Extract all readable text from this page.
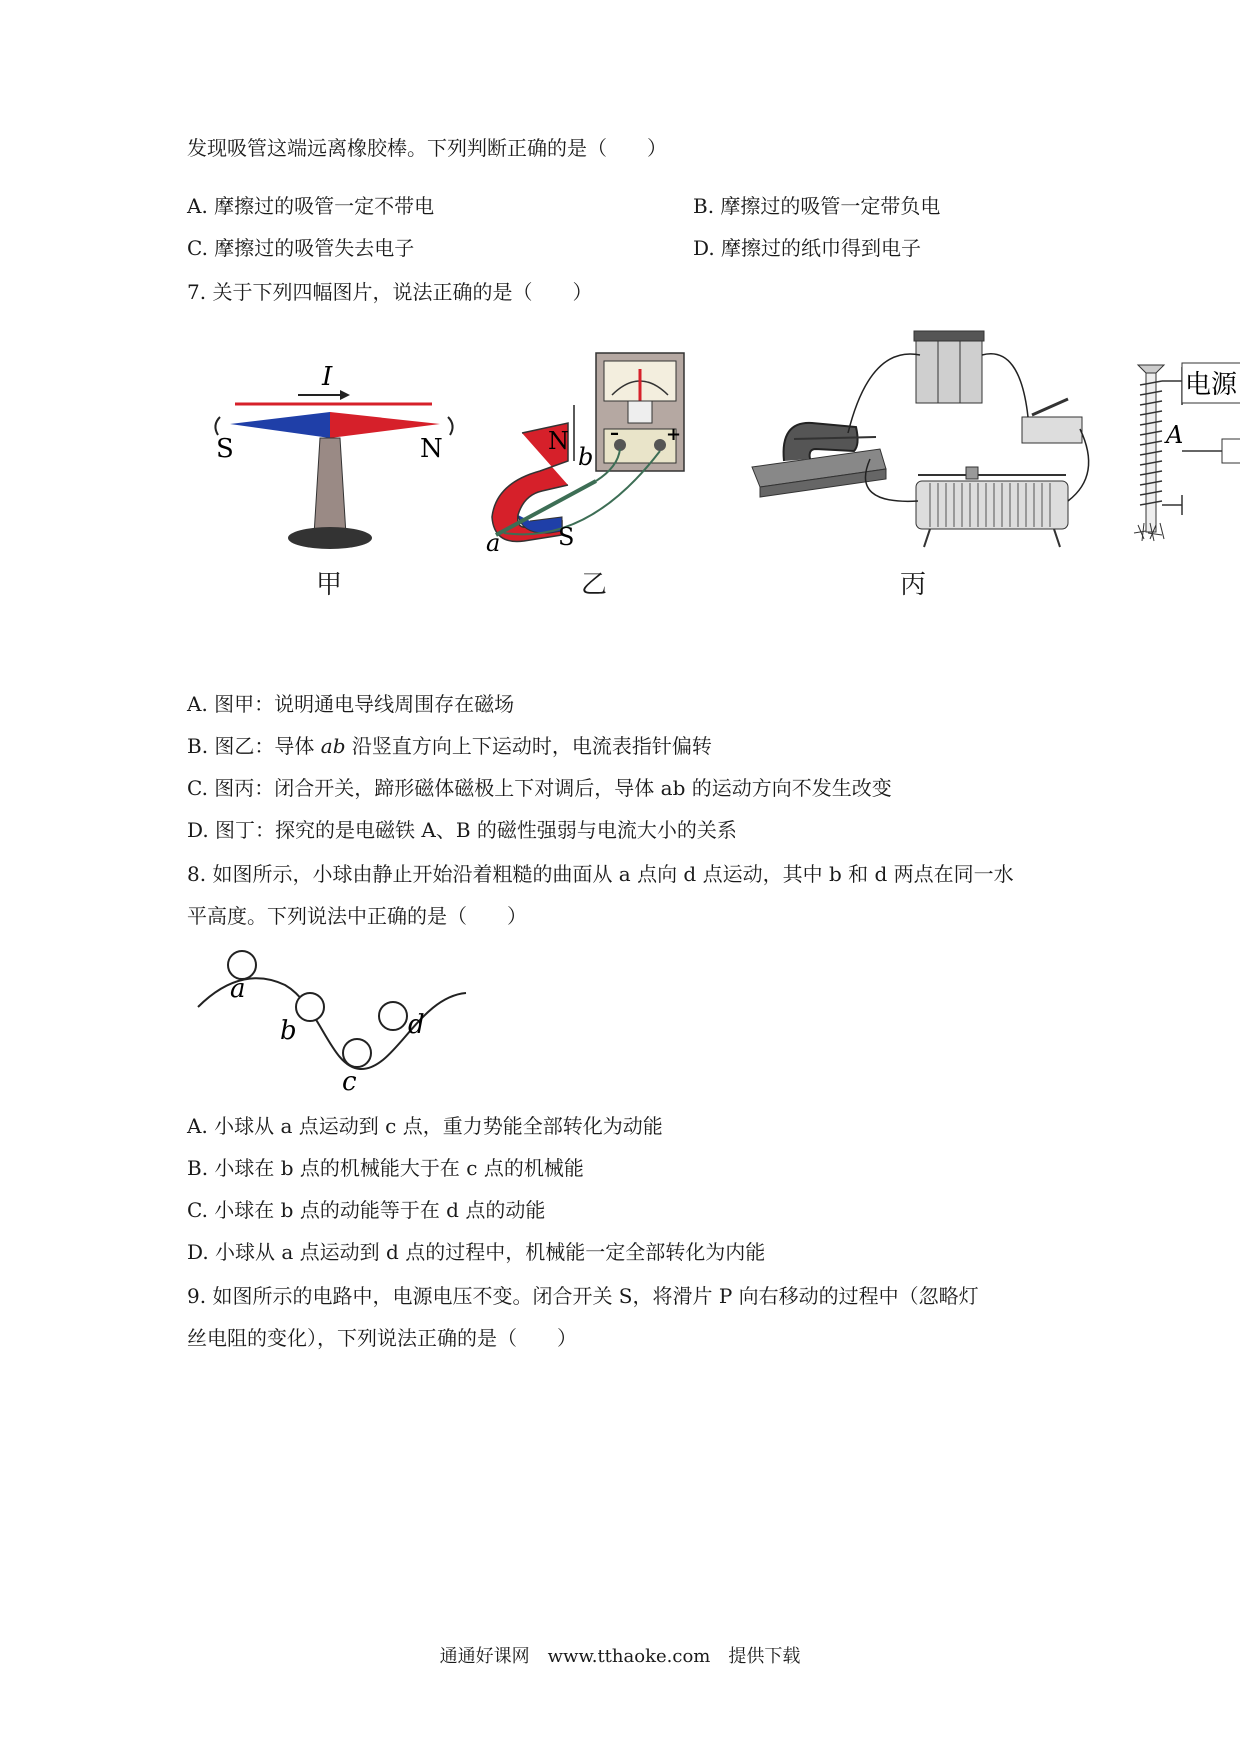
发现吸管这端远离橡胶棒。下列判断正确的是（　　）
A. 摩擦过的吸管一定不带电	B. 摩擦过的吸管一定带负电
C. 摩擦过的吸管失去电子	D. 摩擦过的纸巾得到电子
7. 关于下列四幅图片，说法正确的是（　　）
I
S	N
甲
–	+
N
S
a
b
乙	丙
电源
A
A. 图甲：说明通电导线周围存在磁场
B. 图乙：导体 ab 沿竖直方向上下运动时，电流表指针偏转
C. 图丙：闭合开关，蹄形磁体磁极上下对调后，导体 ab 的运动方向不发生改变
D. 图丁：探究的是电磁铁 A、B 的磁性强弱与电流大小的关系
8. 如图所示，小球由静止开始沿着粗糙的曲面从 a 点向 d 点运动，其中 b 和 d 两点在同一水
平高度。下列说法中正确的是（　　）
a
b
c
d
A. 小球从 a 点运动到 c 点，重力势能全部转化为动能
B. 小球在 b 点的机械能大于在 c 点的机械能
C. 小球在 b 点的动能等于在 d 点的动能
D. 小球从 a 点运动到 d 点的过程中，机械能一定全部转化为内能
9. 如图所示的电路中，电源电压不变。闭合开关 S，将滑片 P 向右移动的过程中（忽略灯
丝电阻的变化），下列说法正确的是（　　）
通通好课网　www.tthaoke.com　提供下载
